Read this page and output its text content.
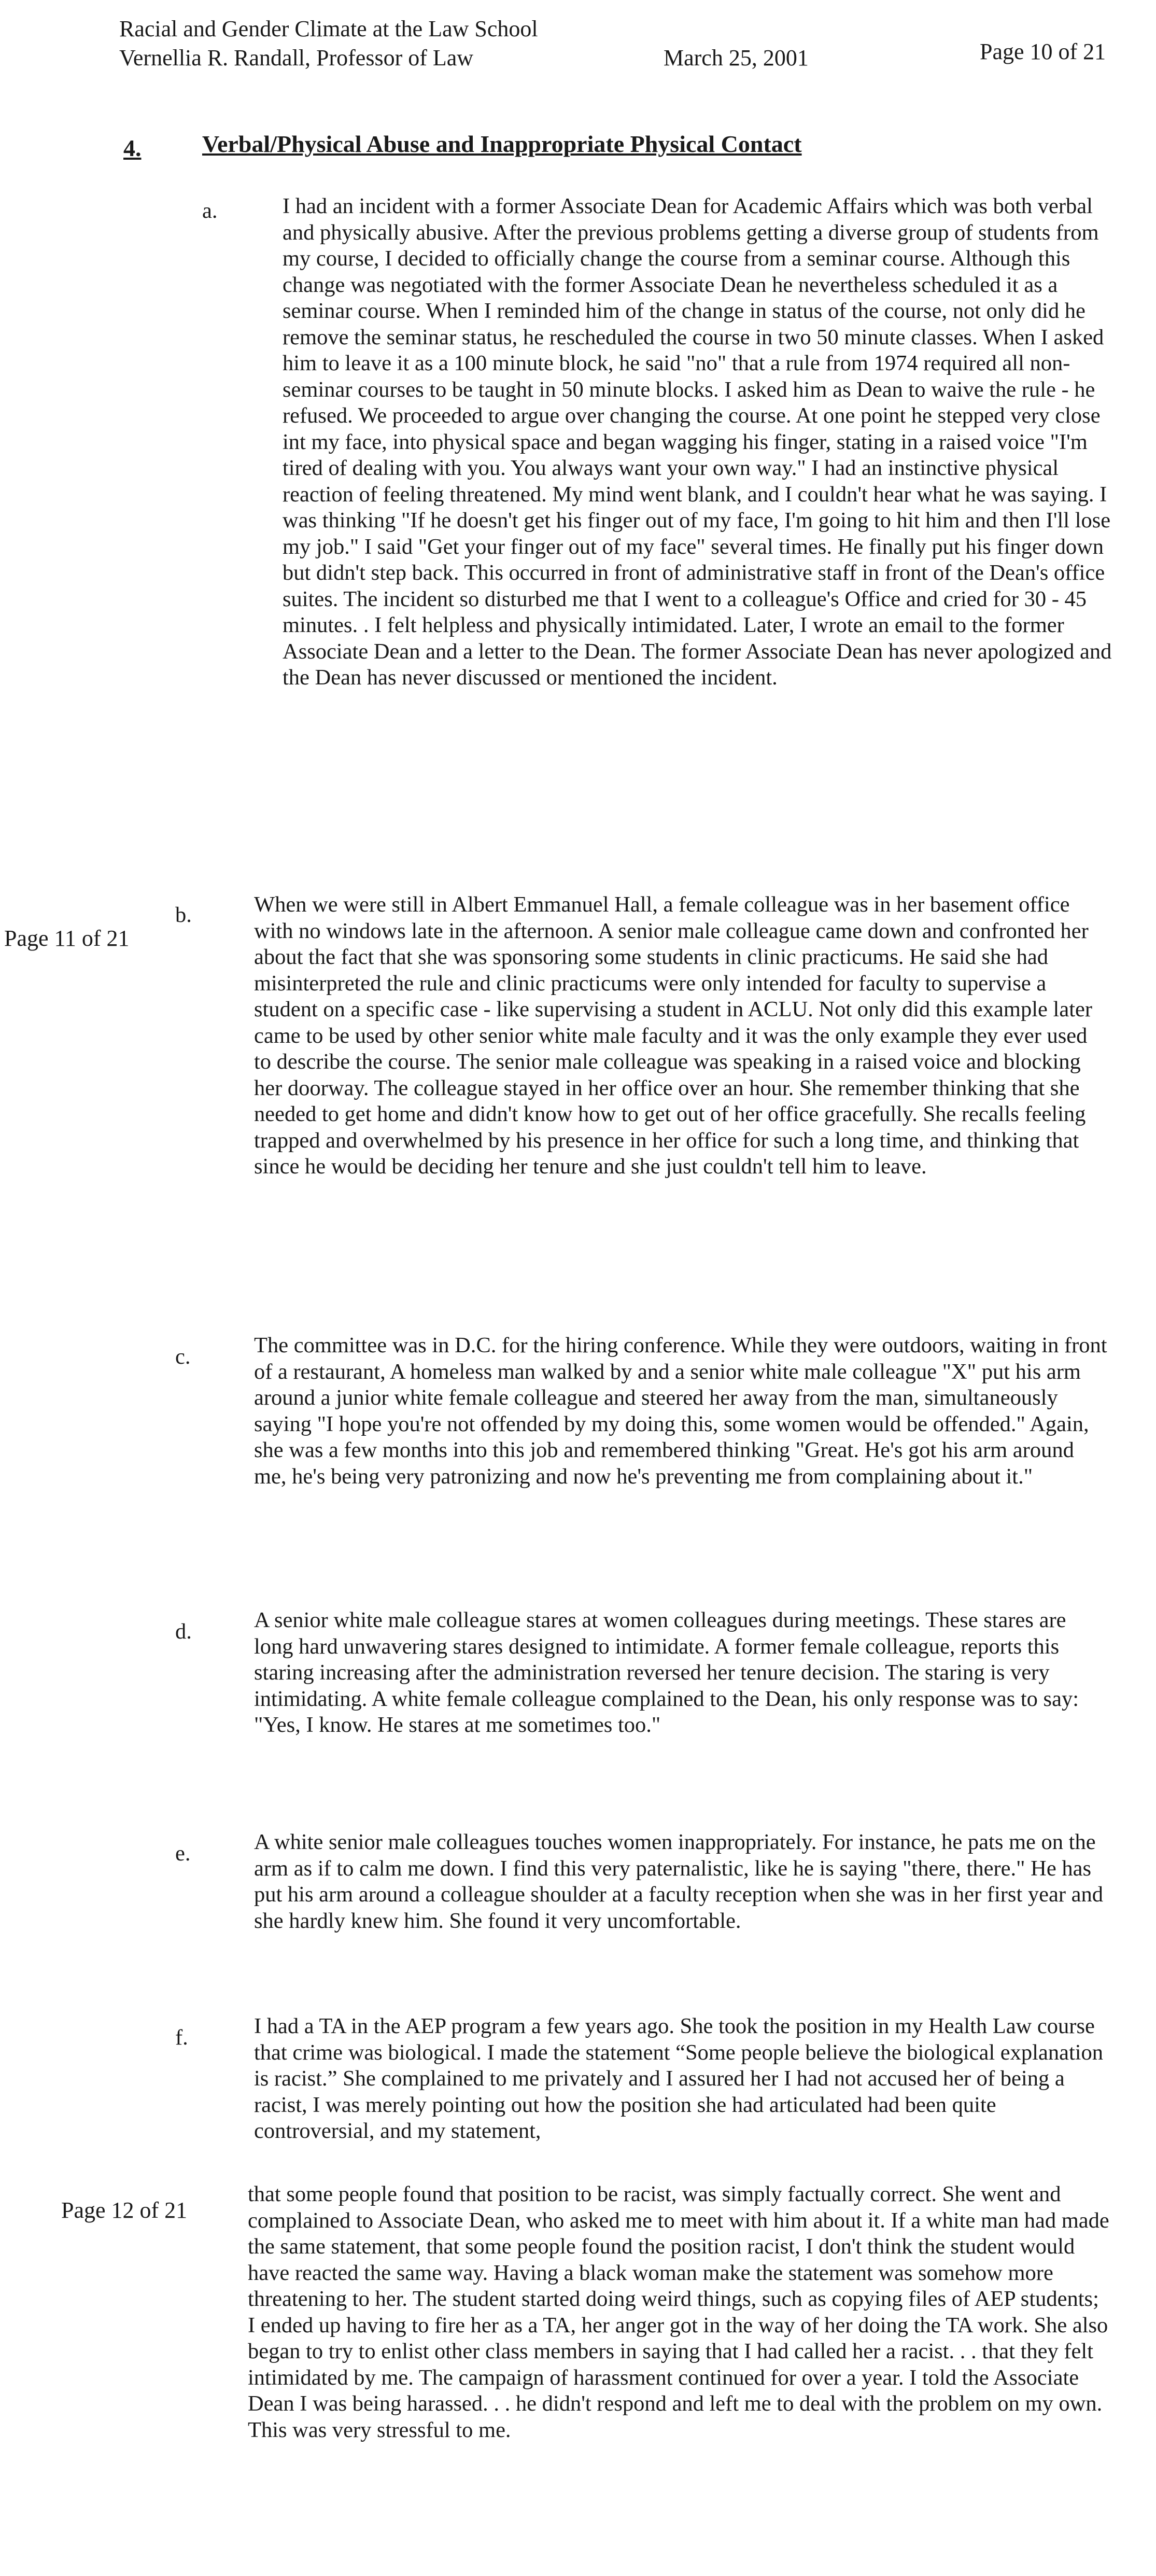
Racial and Gender Climate at the Law School
Vernellia R. Randall, Professor of Law	March 25, 2001	Page 10 of 21
4.	Verbal/Physical Abuse and Inappropriate Physical Contact
a.	I had an incident with a former Associate Dean for Academic Affairs which was both verbal and physically abusive. After the previous problems getting a diverse group of students from my course, I decided to officially change the course from a seminar course. Although this change was negotiated with the former Associate Dean he nevertheless scheduled it as a seminar course. When I reminded him of the change in status of the course, not only did he remove the seminar status, he rescheduled the course in two 50 minute classes. When I asked him to leave it as a 100 minute block, he said "no" that a rule from 1974 required all non-seminar courses to be taught in 50 minute blocks. I asked him as Dean to waive the rule - he refused. We proceeded to argue over changing the course. At one point he stepped very close int my face, into physical space and began wagging his finger, stating in a raised voice "I'm tired of dealing with you. You always want your own way." I had an instinctive physical reaction of feeling threatened. My mind went blank, and I couldn't hear what he was saying. I was thinking "If he doesn't get his finger out of my face, I'm going to hit him and then I'll lose my job." I said "Get your finger out of my face" several times. He finally put his finger down but didn't step back. This occurred in front of administrative staff in front of the Dean's office suites. The incident so disturbed me that I went to a colleague's Office and cried for 30 - 45 minutes. . I felt helpless and physically intimidated. Later, I wrote an email to the former Associate Dean and a letter to the Dean. The former Associate Dean has never apologized and the Dean has never discussed or mentioned the incident.

Page 11 of 21
b.	When we were still in Albert Emmanuel Hall, a female colleague was in her basement office with no windows late in the afternoon. A senior male colleague came down and confronted her about the fact that she was sponsoring some students in clinic practicums. He said she had misinterpreted the rule and clinic practicums were only intended for faculty to supervise a student on a specific case - like supervising a student in ACLU. Not only did this example later came to be used by other senior white male faculty and it was the only example they ever used to describe the course. The senior male colleague was speaking in a raised voice and blocking her doorway. The colleague stayed in her office over an hour. She remember thinking that she needed to get home and didn't know how to get out of her office gracefully. She recalls feeling trapped and overwhelmed by his presence in her office for such a long time, and thinking that since he would be deciding her tenure and she just couldn't tell him to leave.

c.	The committee was in D.C. for the hiring conference. While they were outdoors, waiting in front of a restaurant, A homeless man walked by and a senior white male colleague "X" put his arm around a junior white female colleague and steered her away from the man, simultaneously saying "I hope you're not offended by my doing this, some women would be offended." Again, she was a few months into this job and remembered thinking "Great. He's got his arm around me, he's being very patronizing and now he's preventing me from complaining about it."

d.	A senior white male colleague stares at women colleagues during meetings. These stares are long hard unwavering stares designed to intimidate. A former female colleague, reports this staring increasing after the administration reversed her tenure decision. The staring is very intimidating. A white female colleague complained to the Dean, his only response was to say: "Yes, I know. He stares at me sometimes too."

e.	A white senior male colleagues touches women inappropriately. For instance, he pats me on the arm as if to calm me down. I find this very paternalistic, like he is saying "there, there." He has put his arm around a colleague shoulder at a faculty reception when she was in her first year and she hardly knew him. She found it very uncomfortable.

f.	I had a TA in the AEP program a few years ago. She took the position in my Health Law course that crime was biological. I made the statement “Some people believe the biological explanation is racist.” She complained to me privately and I assured her I had not accused her of being a racist, I was merely pointing out how the position she had articulated had been quite controversial, and my statement,

Page 12 of 21

that some people found that position to be racist, was simply factually correct. She went and complained to Associate Dean, who asked me to meet with him about it. If a white man had made the same statement, that some people found the position racist, I don't think the student would have reacted the same way. Having a black woman make the statement was somehow more threatening to her. The student started doing weird things, such as copying files of AEP students; I ended up having to fire her as a TA, her anger got in the way of her doing the TA work. She also began to try to enlist other class members in saying that I had called her a racist. . . that they felt intimidated by me. The campaign of harassment continued for over a year. I told the Associate Dean I was being harassed. . . he didn't respond and left me to deal with the problem on my own. This was very stressful to me.
